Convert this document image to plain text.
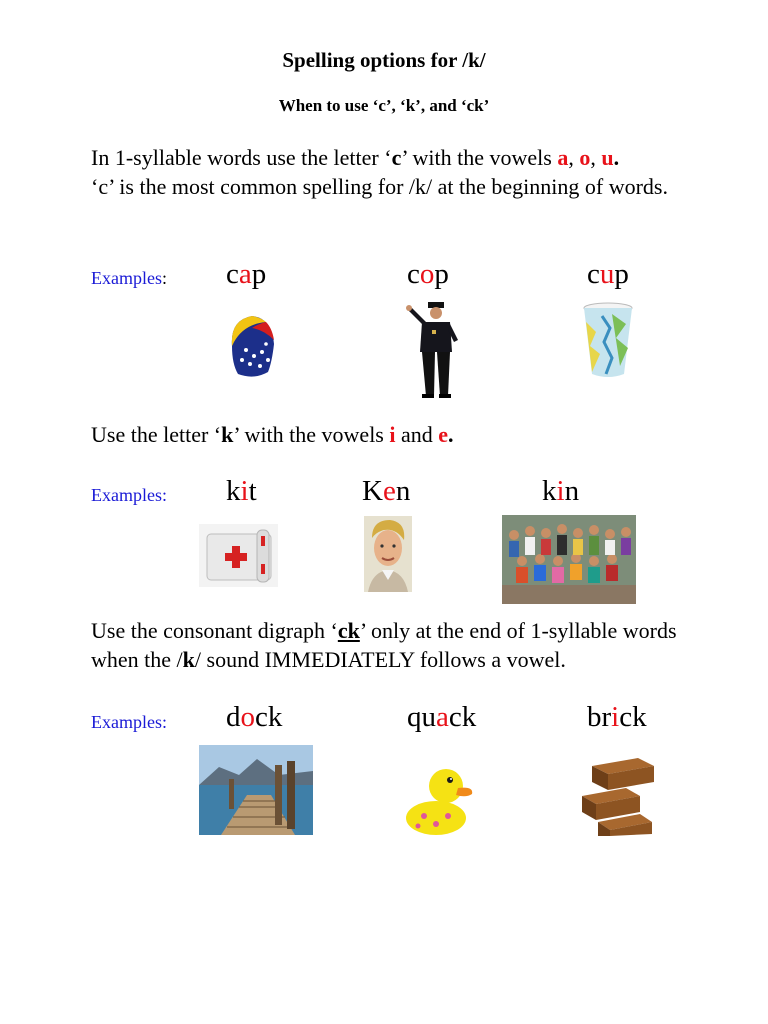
Spelling options for /k/
When to use ‘c’, ‘k’, and ‘ck’
In 1-syllable words use the letter ‘c’ with the vowels a, o, u.
‘c’ is the most common spelling for /k/ at the beginning of words.
Examples: cap	cop	cup
Use the letter ‘k’ with the vowels i and e.
Examples: kit	Ken	kin
Use the consonant digraph ‘ck’ only at the end of 1-syllable words when the /k/ sound IMMEDIATELY follows a vowel.
Examples: dock	quack	brick
